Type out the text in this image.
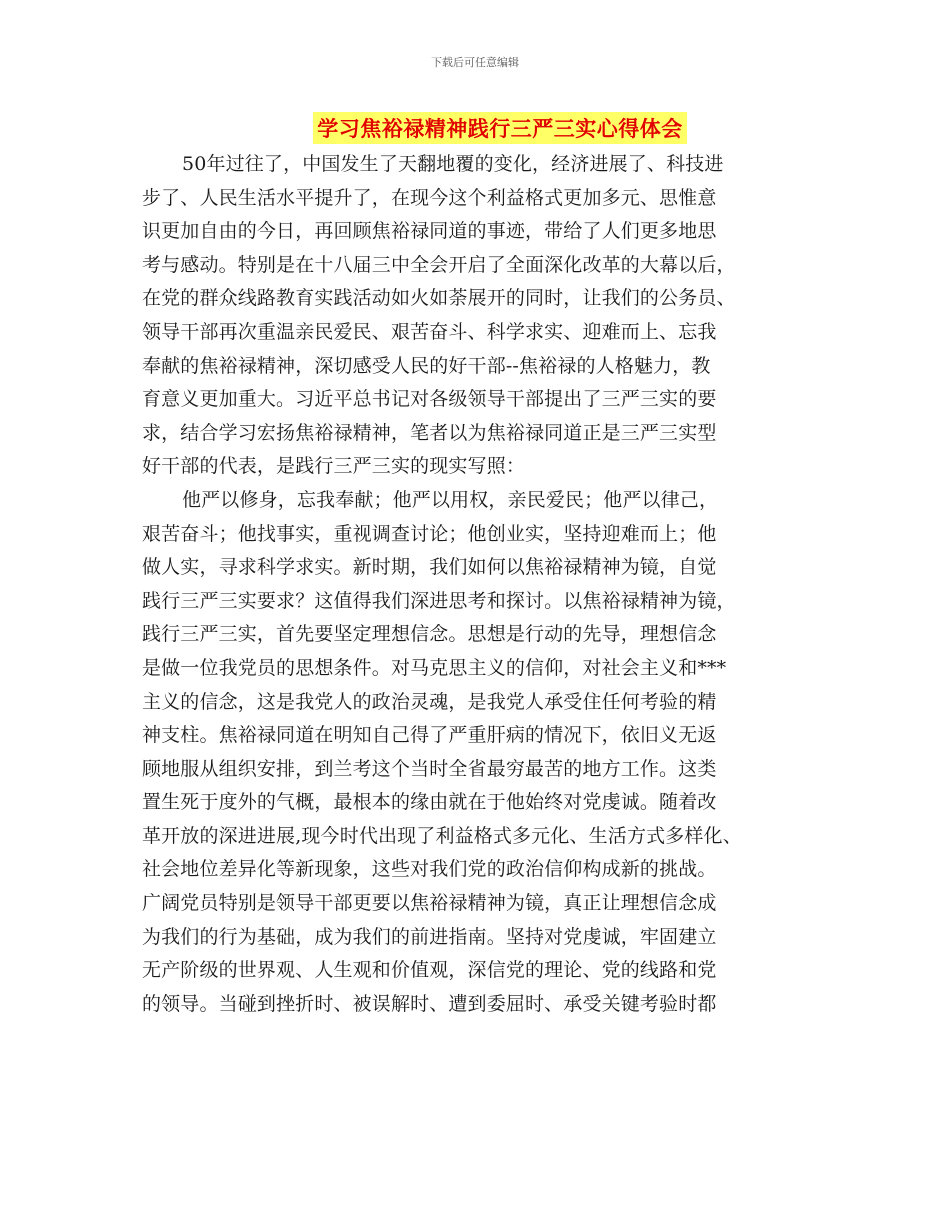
下载后可任意编辑
学习焦裕禄精神践行三严三实心得体会
50年过往了，中国发生了天翻地覆的变化，经济进展了、科技进
步了、人民生活水平提升了，在现今这个利益格式更加多元、思惟意
识更加自由的今日，再回顾焦裕禄同道的事迹，带给了人们更多地思
考与感动。特别是在十八届三中全会开启了全面深化改革的大幕以后，
在党的群众线路教育实践活动如火如荼展开的同时，让我们的公务员、
领导干部再次重温亲民爱民、艰苦奋斗、科学求实、迎难而上、忘我
奉献的焦裕禄精神，深切感受人民的好干部--焦裕禄的人格魅力，教
育意义更加重大。习近平总书记对各级领导干部提出了三严三实的要
求，结合学习宏扬焦裕禄精神，笔者以为焦裕禄同道正是三严三实型
好干部的代表，是践行三严三实的现实写照：
他严以修身，忘我奉献；他严以用权，亲民爱民；他严以律己，
艰苦奋斗；他找事实，重视调查讨论；他创业实，坚持迎难而上；他
做人实，寻求科学求实。新时期，我们如何以焦裕禄精神为镜，自觉
践行三严三实要求？这值得我们深进思考和探讨。以焦裕禄精神为镜，
践行三严三实，首先要坚定理想信念。思想是行动的先导，理想信念
是做一位我党员的思想条件。对马克思主义的信仰，对社会主义和***
主义的信念，这是我党人的政治灵魂，是我党人承受住任何考验的精
神支柱。焦裕禄同道在明知自己得了严重肝病的情况下，依旧义无返
顾地服从组织安排，到兰考这个当时全省最穷最苦的地方工作。这类
置生死于度外的气概，最根本的缘由就在于他始终对党虔诚。随着改
革开放的深进进展,现今时代出现了利益格式多元化、生活方式多样化、
社会地位差异化等新现象，这些对我们党的政治信仰构成新的挑战。
广阔党员特别是领导干部更要以焦裕禄精神为镜，真正让理想信念成
为我们的行为基础，成为我们的前进指南。坚持对党虔诚，牢固建立
无产阶级的世界观、人生观和价值观，深信党的理论、党的线路和党
的领导。当碰到挫折时、被误解时、遭到委屈时、承受关键考验时都
